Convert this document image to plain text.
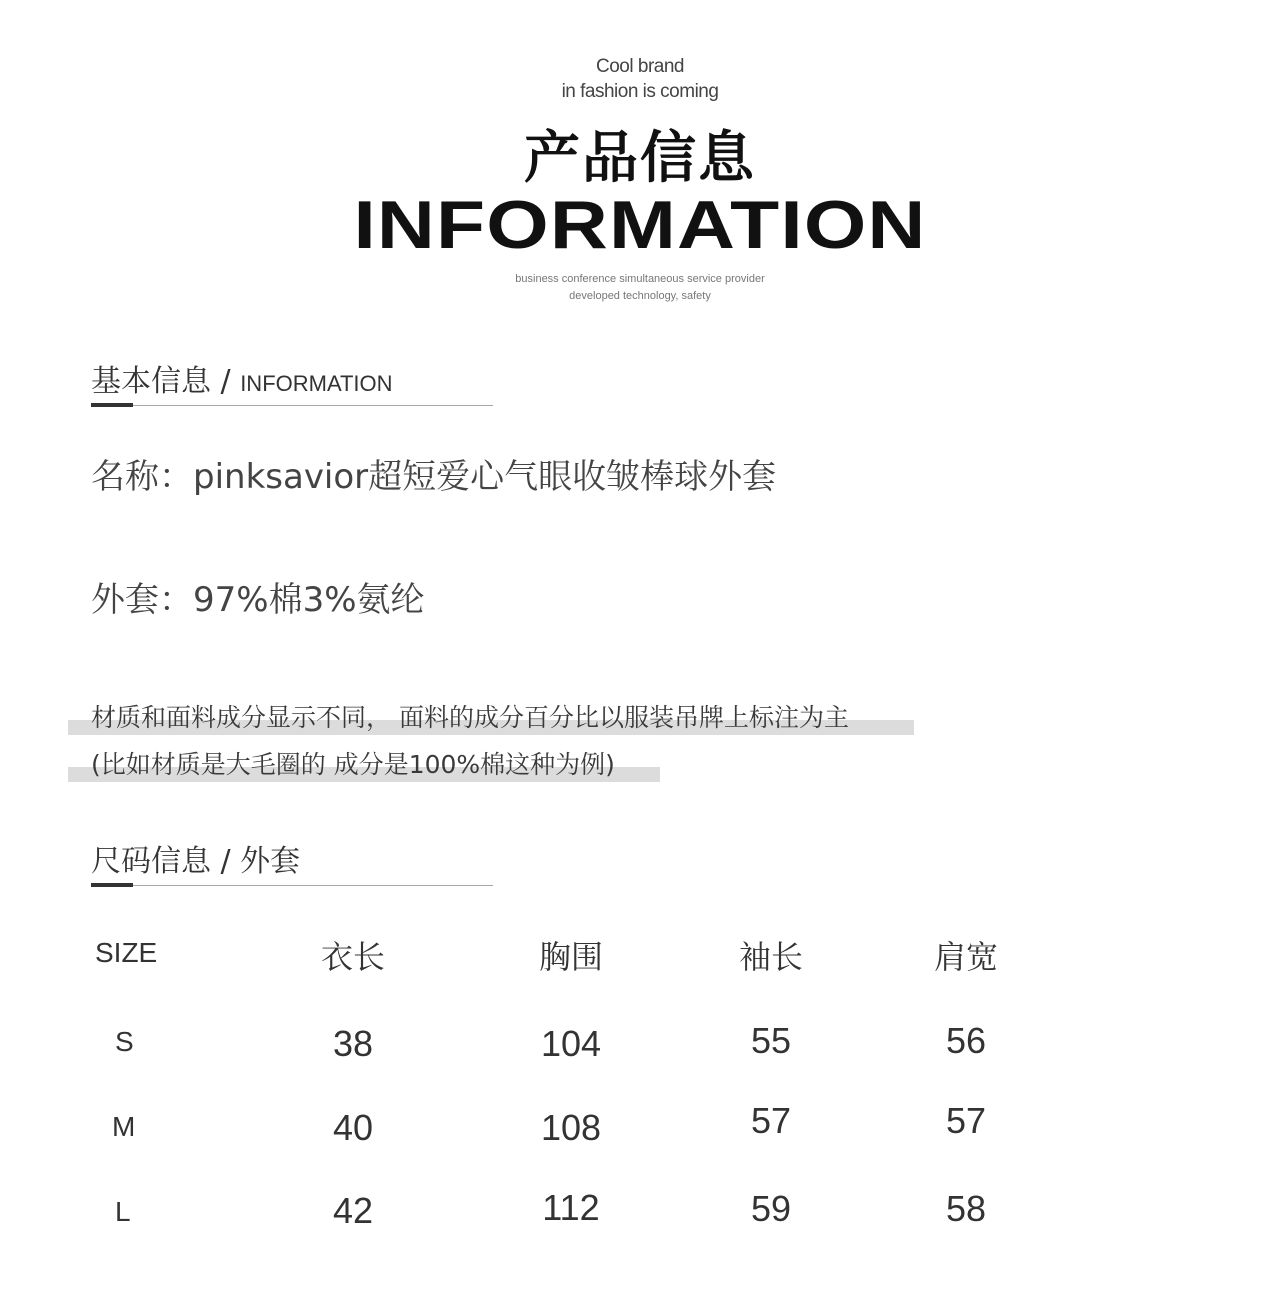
Cool brand
in fashion is coming
产品信息
INFORMATION
business conference simultaneous service provider
developed technology, safety
基本信息 / INFORMATION
名称：pinksavior超短爱心气眼收皱棒球外套
外套：97%棉3%氨纶
材质和面料成分显示不同， 面料的成分百分比以服装吊牌上标注为主
(比如材质是大毛圈的 成分是100%棉这种为例)
尺码信息 / 外套
SIZE	衣长	胸围	袖长	肩宽
S	38	104	55	56
M	40	108	57	57
L	42	112	59	58
